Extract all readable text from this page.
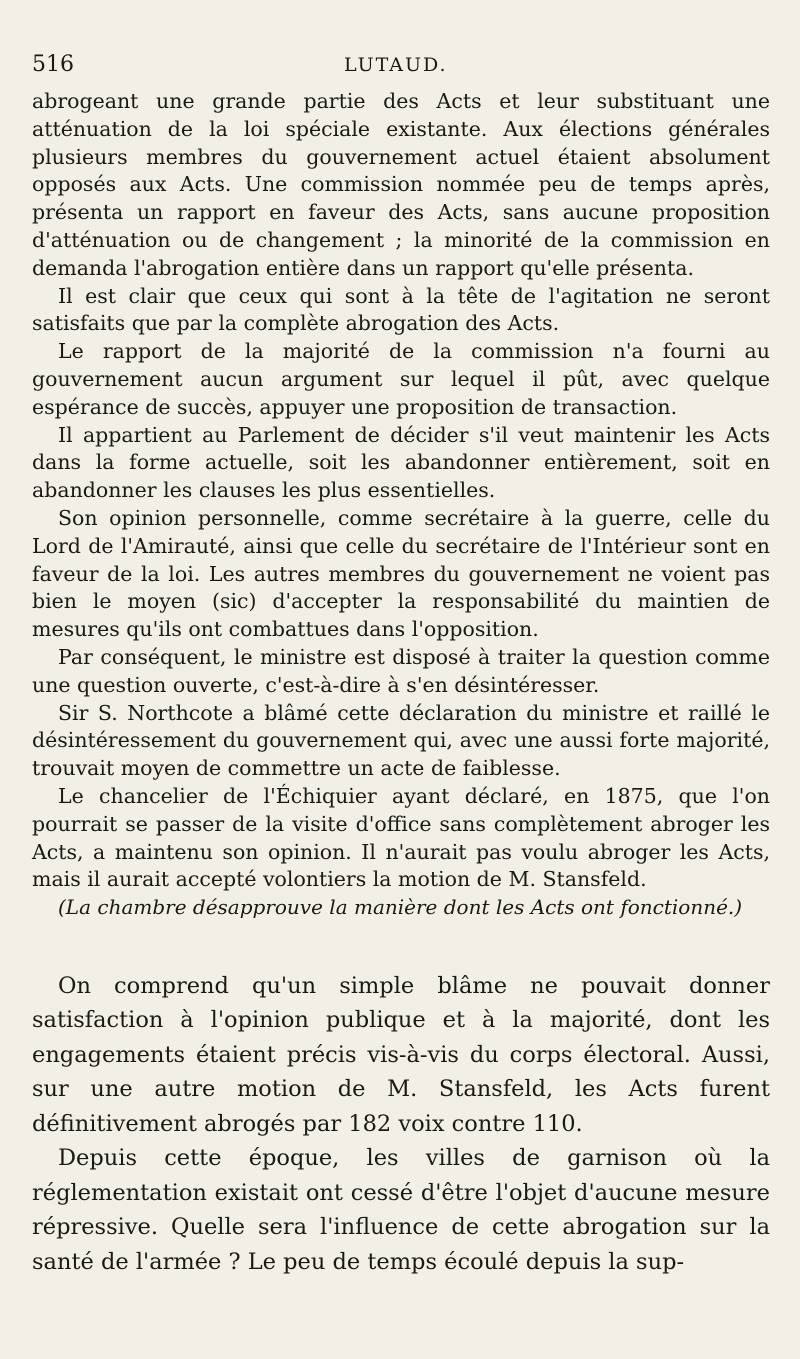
516	LUTAUD.

abrogeant une grande partie des Acts et leur substituant une atténuation de la loi spéciale existante. Aux élections générales plusieurs membres du gouvernement actuel étaient absolument opposés aux Acts. Une commission nommée peu de temps après, présenta un rapport en faveur des Acts, sans aucune proposition d'atténuation ou de changement ; la minorité de la commission en demanda l'abrogation entière dans un rapport qu'elle présenta.

Il est clair que ceux qui sont à la tête de l'agitation ne seront satisfaits que par la complète abrogation des Acts.

Le rapport de la majorité de la commission n'a fourni au gouvernement aucun argument sur lequel il pût, avec quelque espérance de succès, appuyer une proposition de transaction.

Il appartient au Parlement de décider s'il veut maintenir les Acts dans la forme actuelle, soit les abandonner entièrement, soit en abandonner les clauses les plus essentielles.

Son opinion personnelle, comme secrétaire à la guerre, celle du Lord de l'Amirauté, ainsi que celle du secrétaire de l'Intérieur sont en faveur de la loi. Les autres membres du gouvernement ne voient pas bien le moyen (sic) d'accepter la responsabilité du maintien de mesures qu'ils ont combattues dans l'opposition.

Par conséquent, le ministre est disposé à traiter la question comme une question ouverte, c'est-à-dire à s'en désintéresser.

Sir S. Northcote a blâmé cette déclaration du ministre et raillé le désintéressement du gouvernement qui, avec une aussi forte majorité, trouvait moyen de commettre un acte de faiblesse.

Le chancelier de l'Échiquier ayant déclaré, en 1875, que l'on pourrait se passer de la visite d'office sans complètement abroger les Acts, a maintenu son opinion. Il n'aurait pas voulu abroger les Acts, mais il aurait accepté volontiers la motion de M. Stansfeld.

(La chambre désapprouve la manière dont les Acts ont fonctionné.)

On comprend qu'un simple blâme ne pouvait donner satisfaction à l'opinion publique et à la majorité, dont les engagements étaient précis vis-à-vis du corps électoral. Aussi, sur une autre motion de M. Stansfeld, les Acts furent définitivement abrogés par 182 voix contre 110.

Depuis cette époque, les villes de garnison où la réglementation existait ont cessé d'être l'objet d'aucune mesure répressive. Quelle sera l'influence de cette abrogation sur la santé de l'armée ? Le peu de temps écoulé depuis la sup-
